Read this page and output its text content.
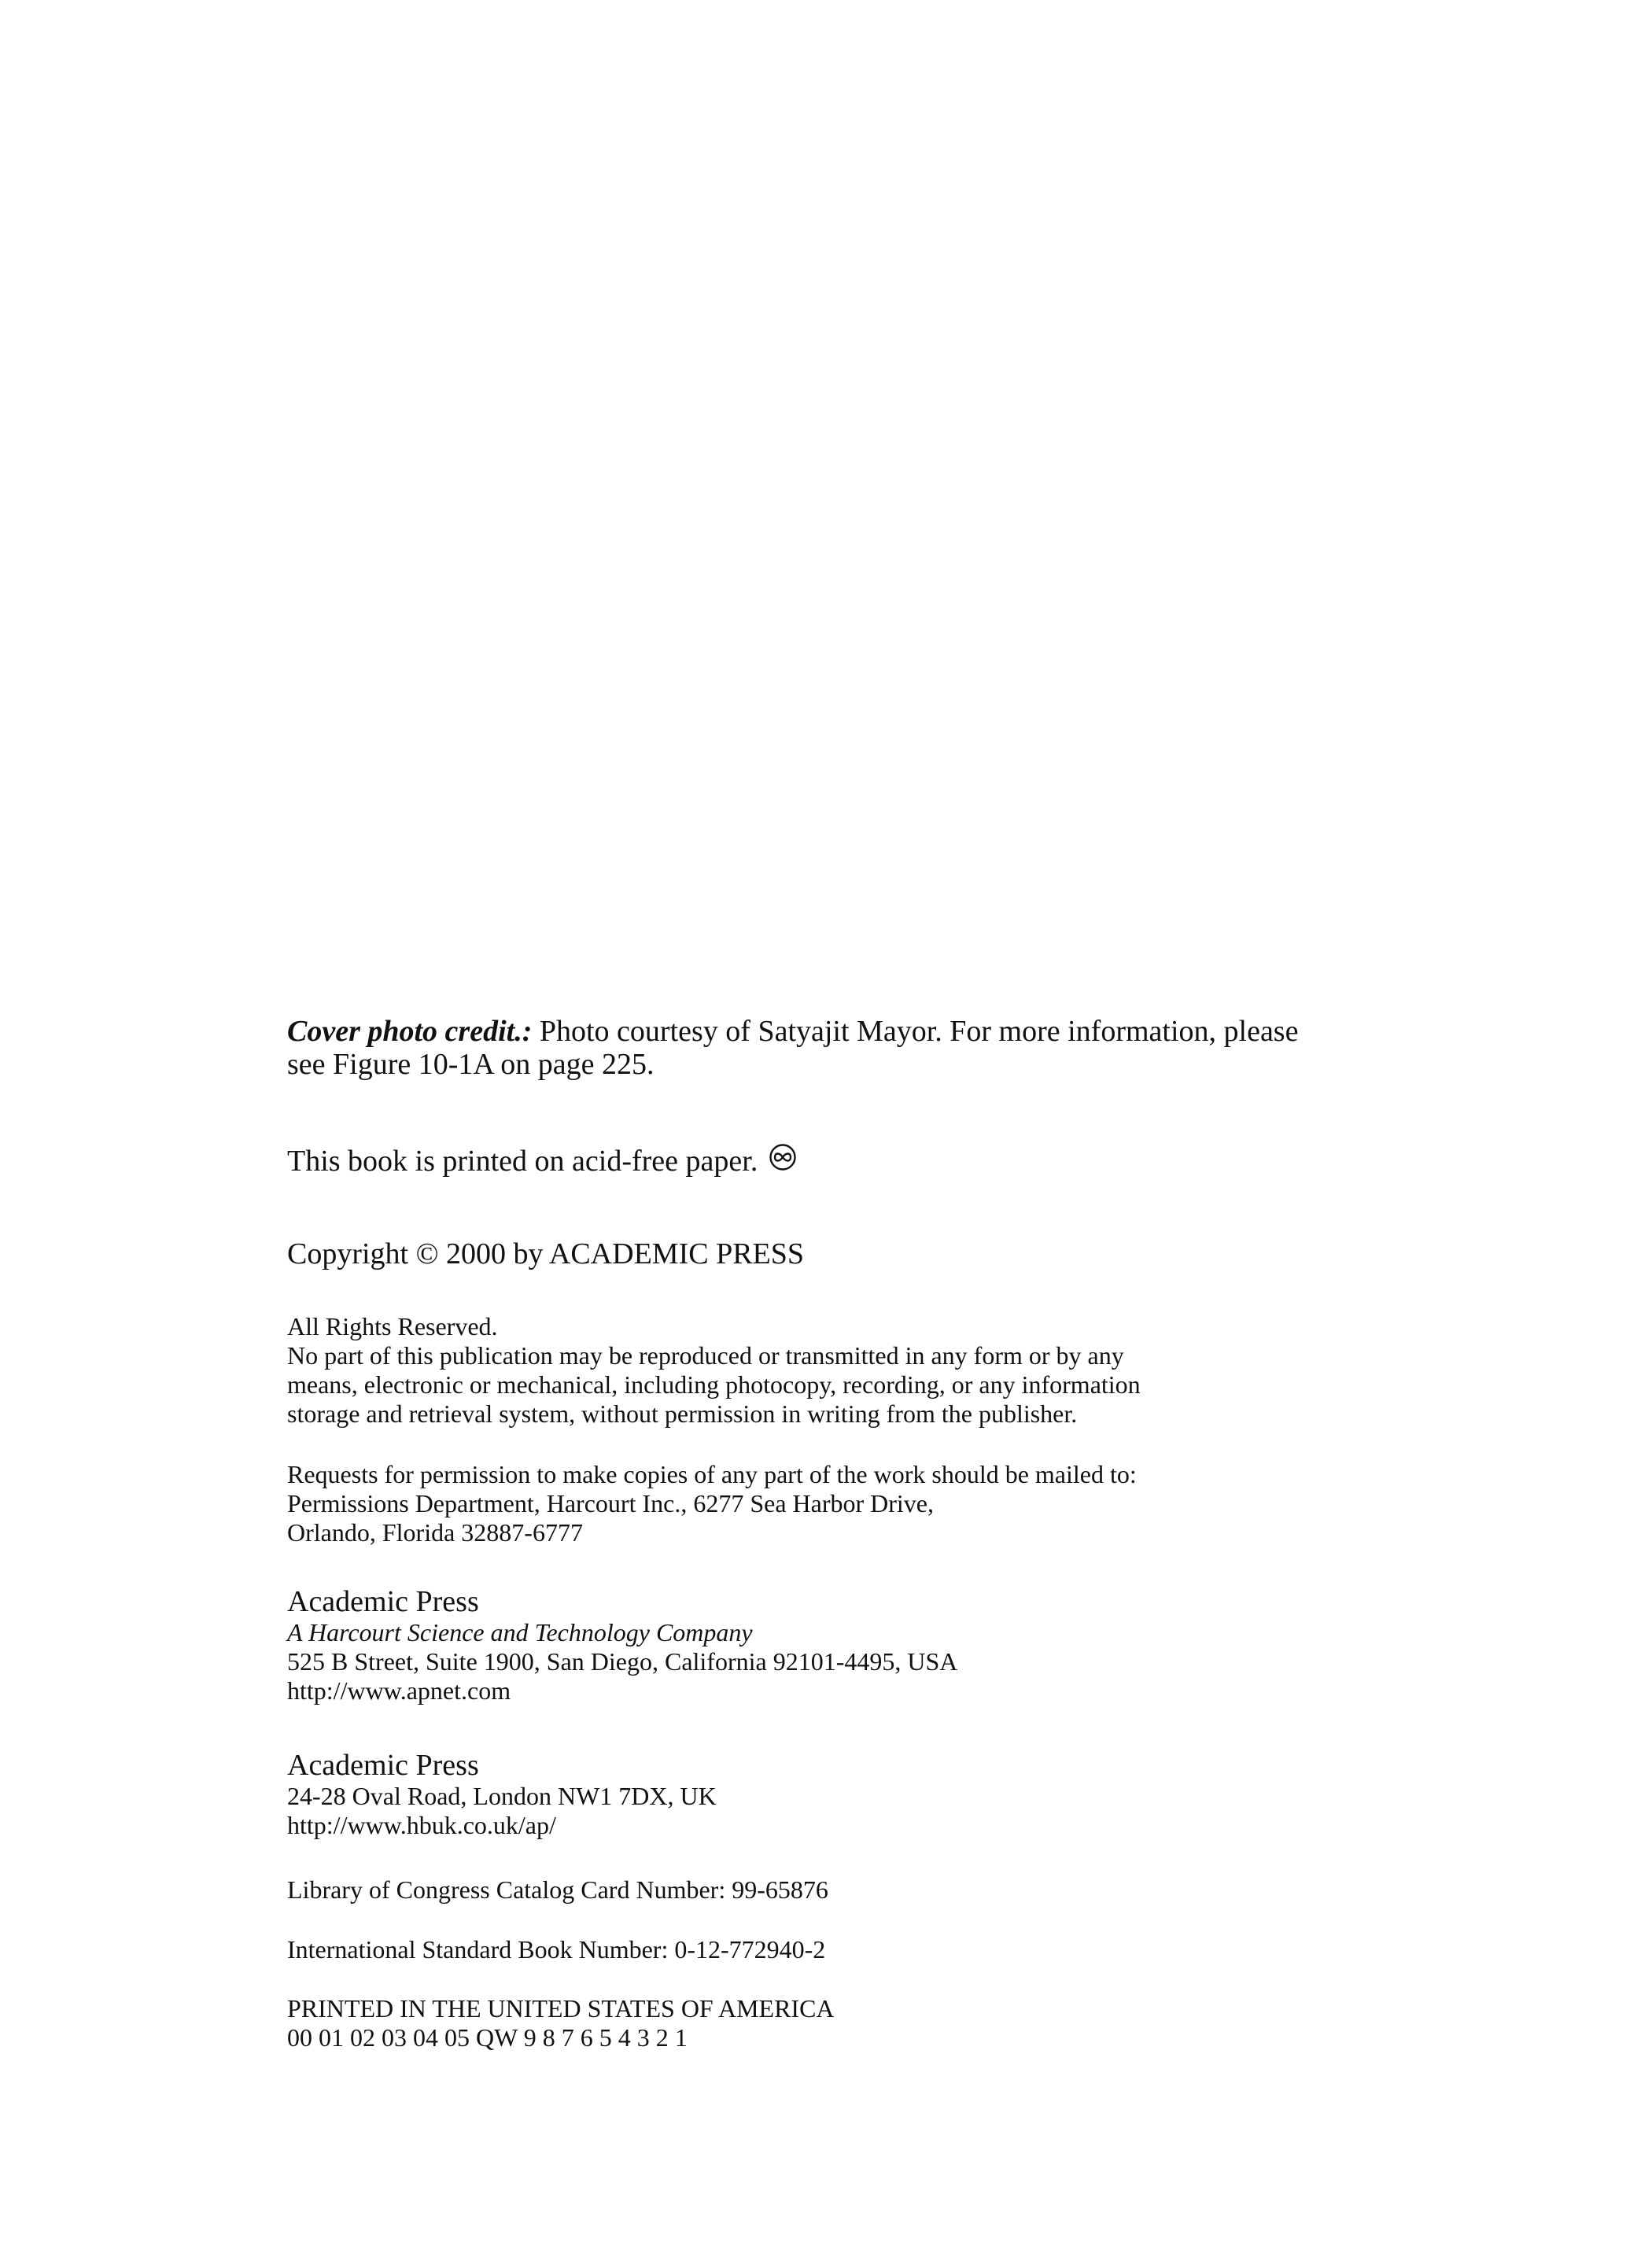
Cover photo credit.: Photo courtesy of Satyajit Mayor. For more information, please
see Figure 10-1A on page 225.
This book is printed on acid-free paper.
Copyright © 2000 by ACADEMIC PRESS
All Rights Reserved.
No part of this publication may be reproduced or transmitted in any form or by any
means, electronic or mechanical, including photocopy, recording, or any information
storage and retrieval system, without permission in writing from the publisher.
Requests for permission to make copies of any part of the work should be mailed to:
Permissions Department, Harcourt Inc., 6277 Sea Harbor Drive,
Orlando, Florida 32887-6777
Academic Press
A Harcourt Science and Technology Company
525 B Street, Suite 1900, San Diego, California 92101-4495, USA
http://www.apnet.com
Academic Press
24-28 Oval Road, London NW1 7DX, UK
http://www.hbuk.co.uk/ap/
Library of Congress Catalog Card Number: 99-65876
International Standard Book Number: 0-12-772940-2
PRINTED IN THE UNITED STATES OF AMERICA
00 01 02 03 04 05 QW 9 8 7 6 5 4 3 2 1
